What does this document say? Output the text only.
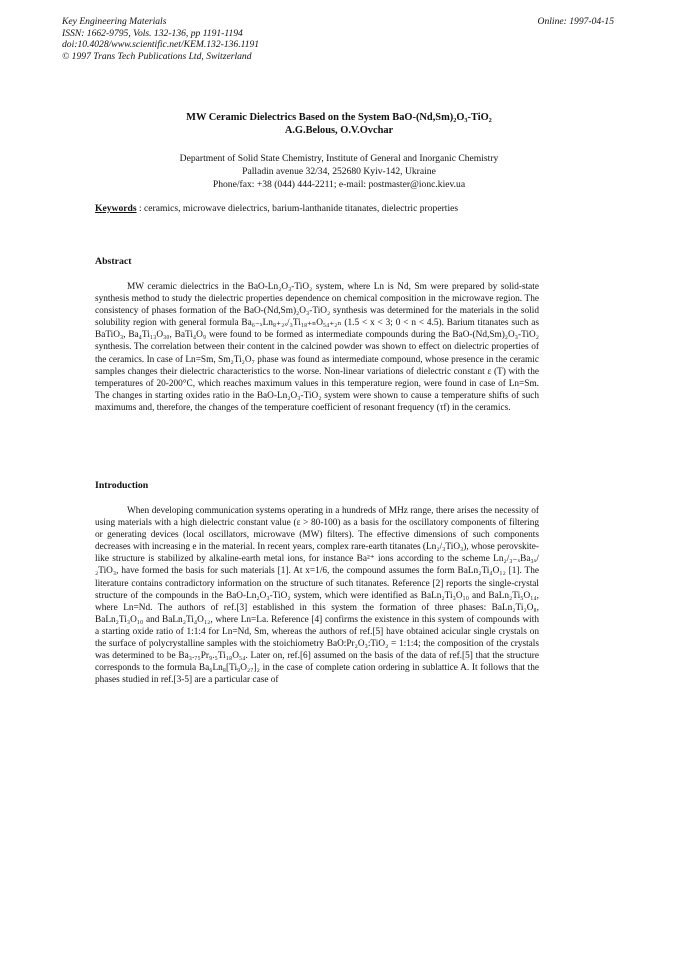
Key Engineering Materials
ISSN: 1662-9795, Vols. 132-136, pp 1191-1194
doi:10.4028/www.scientific.net/KEM.132-136.1191
© 1997 Trans Tech Publications Ltd, Switzerland
Online: 1997-04-15
MW Ceramic Dielectrics Based on the System BaO-(Nd,Sm)₂O₃-TiO₂
A.G.Belous, O.V.Ovchar
Department of Solid State Chemistry, Institute of General and Inorganic Chemistry
Palladin avenue 32/34, 252680 Kyiv-142, Ukraine
Phone/fax: +38 (044) 444-2211; e-mail: postmaster@ionc.kiev.ua
Keywords : ceramics, microwave dielectrics, barium-lanthanide titanates, dielectric properties
Abstract

MW ceramic dielectrics in the BaO-Ln₂O₃-TiO₂ system, where Ln is Nd, Sm were prepared by solid-state synthesis method to study the dielectric properties dependence on chemical composition in the microwave region. The consistency of phases formation of the BaO-(Nd,Sm)₂O₃-TiO₂ synthesis was determined for the materials in the solid solubility region with general formula Ba₆₋ₓLn₈₊₂ₓ/₃Ti₁₈₊ₙO₅₄₊₂ₙ (1.5 < x < 3; 0 < n < 4.5). Barium titanates such as BaTiO₃, Ba₄Ti₁₃O₃₀, BaTi₄O₉ were found to be formed as intermediate compounds during the BaO-(Nd,Sm)₂O₃-TiO₂ synthesis. The correlation between their content in the calcined powder was shown to effect on dielectric properties of the ceramics. In case of Ln=Sm, Sm₂Ti₂O₇ phase was found as intermediate compound, whose presence in the ceramic samples changes their dielectric characteristics to the worse. Non-linear variations of dielectric constant ε (T) with the temperatures of 20-200°C, which reaches maximum values in this temperature region, were found in case of Ln=Sm. The changes in starting oxides ratio in the BaO-Ln₂O₃-TiO₂ system were shown to cause a temperature shifts of such maximums and, therefore, the changes of the temperature coefficient of resonant frequency (τf) in the ceramics.

Introduction

When developing communication systems operating in a hundreds of MHz range, there arises the necessity of using materials with a high dielectric constant value (ε > 80-100) as a basis for the oscillatory components of filtering or generating devices (local oscillators, microwave (MW) filters). The effective dimensions of such components decreases with increasing e in the material. In recent years, complex rare-earth titanates (Ln₂/₃TiO₃), whose perovskite-like structure is stabilized by alkaline-earth metal ions, for instance Ba²⁺ ions according to the scheme Ln₂/₃₋ₓBa₃ₓ/₂TiO₃, have formed the basis for such materials [1]. At x=1/6, the compound assumes the form BaLn₂Ti₄O₁₂ [1]. The literature contains contradictory information on the structure of such titanates. Reference [2] reports the single-crystal structure of the compounds in the BaO-Ln₂O₃-TiO₂ system, which were identified as BaLn₂Ti₃O₁₀ and BaLn₂Ti₅O₁₄, where Ln=Nd. The authors of ref.[3] established in this system the formation of three phases: BaLn₂Ti₂O₈, BaLn₂Ti₃O₁₀ and BaLn₂Ti₄O₁₂, where Ln=La. Reference [4] confirms the existence in this system of compounds with a starting oxide ratio of 1:1:4 for Ln=Nd, Sm, whereas the authors of ref.[5] have obtained acicular single crystals on the surface of polycrystalline samples with the stoichiometry BaO:Pr₂O₃:TiO₂ = 1:1:4; the composition of the crystals was determined to be Ba₃.₇₅Pr₉.₅Ti₁₈O₅₄. Later on, ref.[6] assumed on the basis of the data of ref.[5] that the structure corresponds to the formula Ba₆Ln₈[Ti₉O₂₇]₂ in the case of complete cation ordering in sublattice A. It follows that the phases studied in ref.[3-5] are a particular case of
